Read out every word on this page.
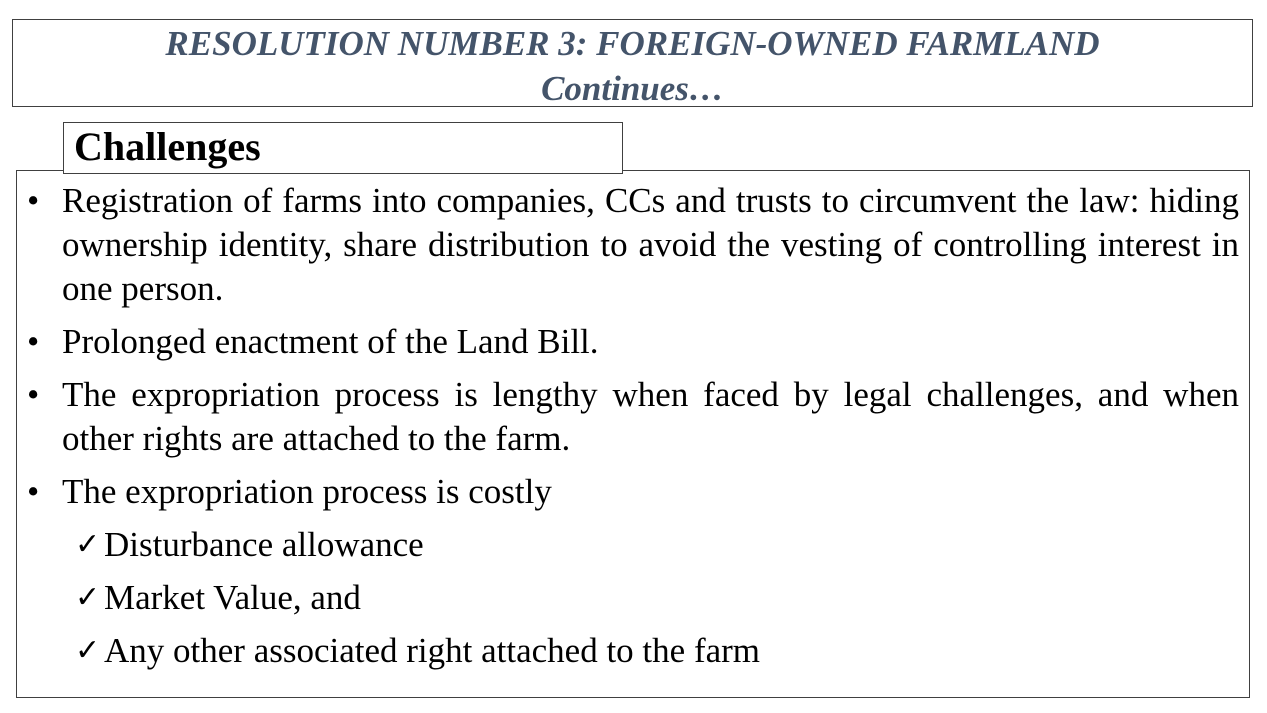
RESOLUTION NUMBER 3: FOREIGN-OWNED FARMLAND
Continues…
• Registration of farms into companies, CCs and trusts to circumvent the law: hiding ownership identity, share distribution to avoid the vesting of controlling interest in one person.
• Prolonged enactment of the Land Bill.
• The expropriation process is lengthy when faced by legal challenges, and when other rights are attached to the farm.
• The expropriation process is costly
✓ Disturbance allowance
✓ Market Value, and
✓ Any other associated right attached to the farm
Challenges
